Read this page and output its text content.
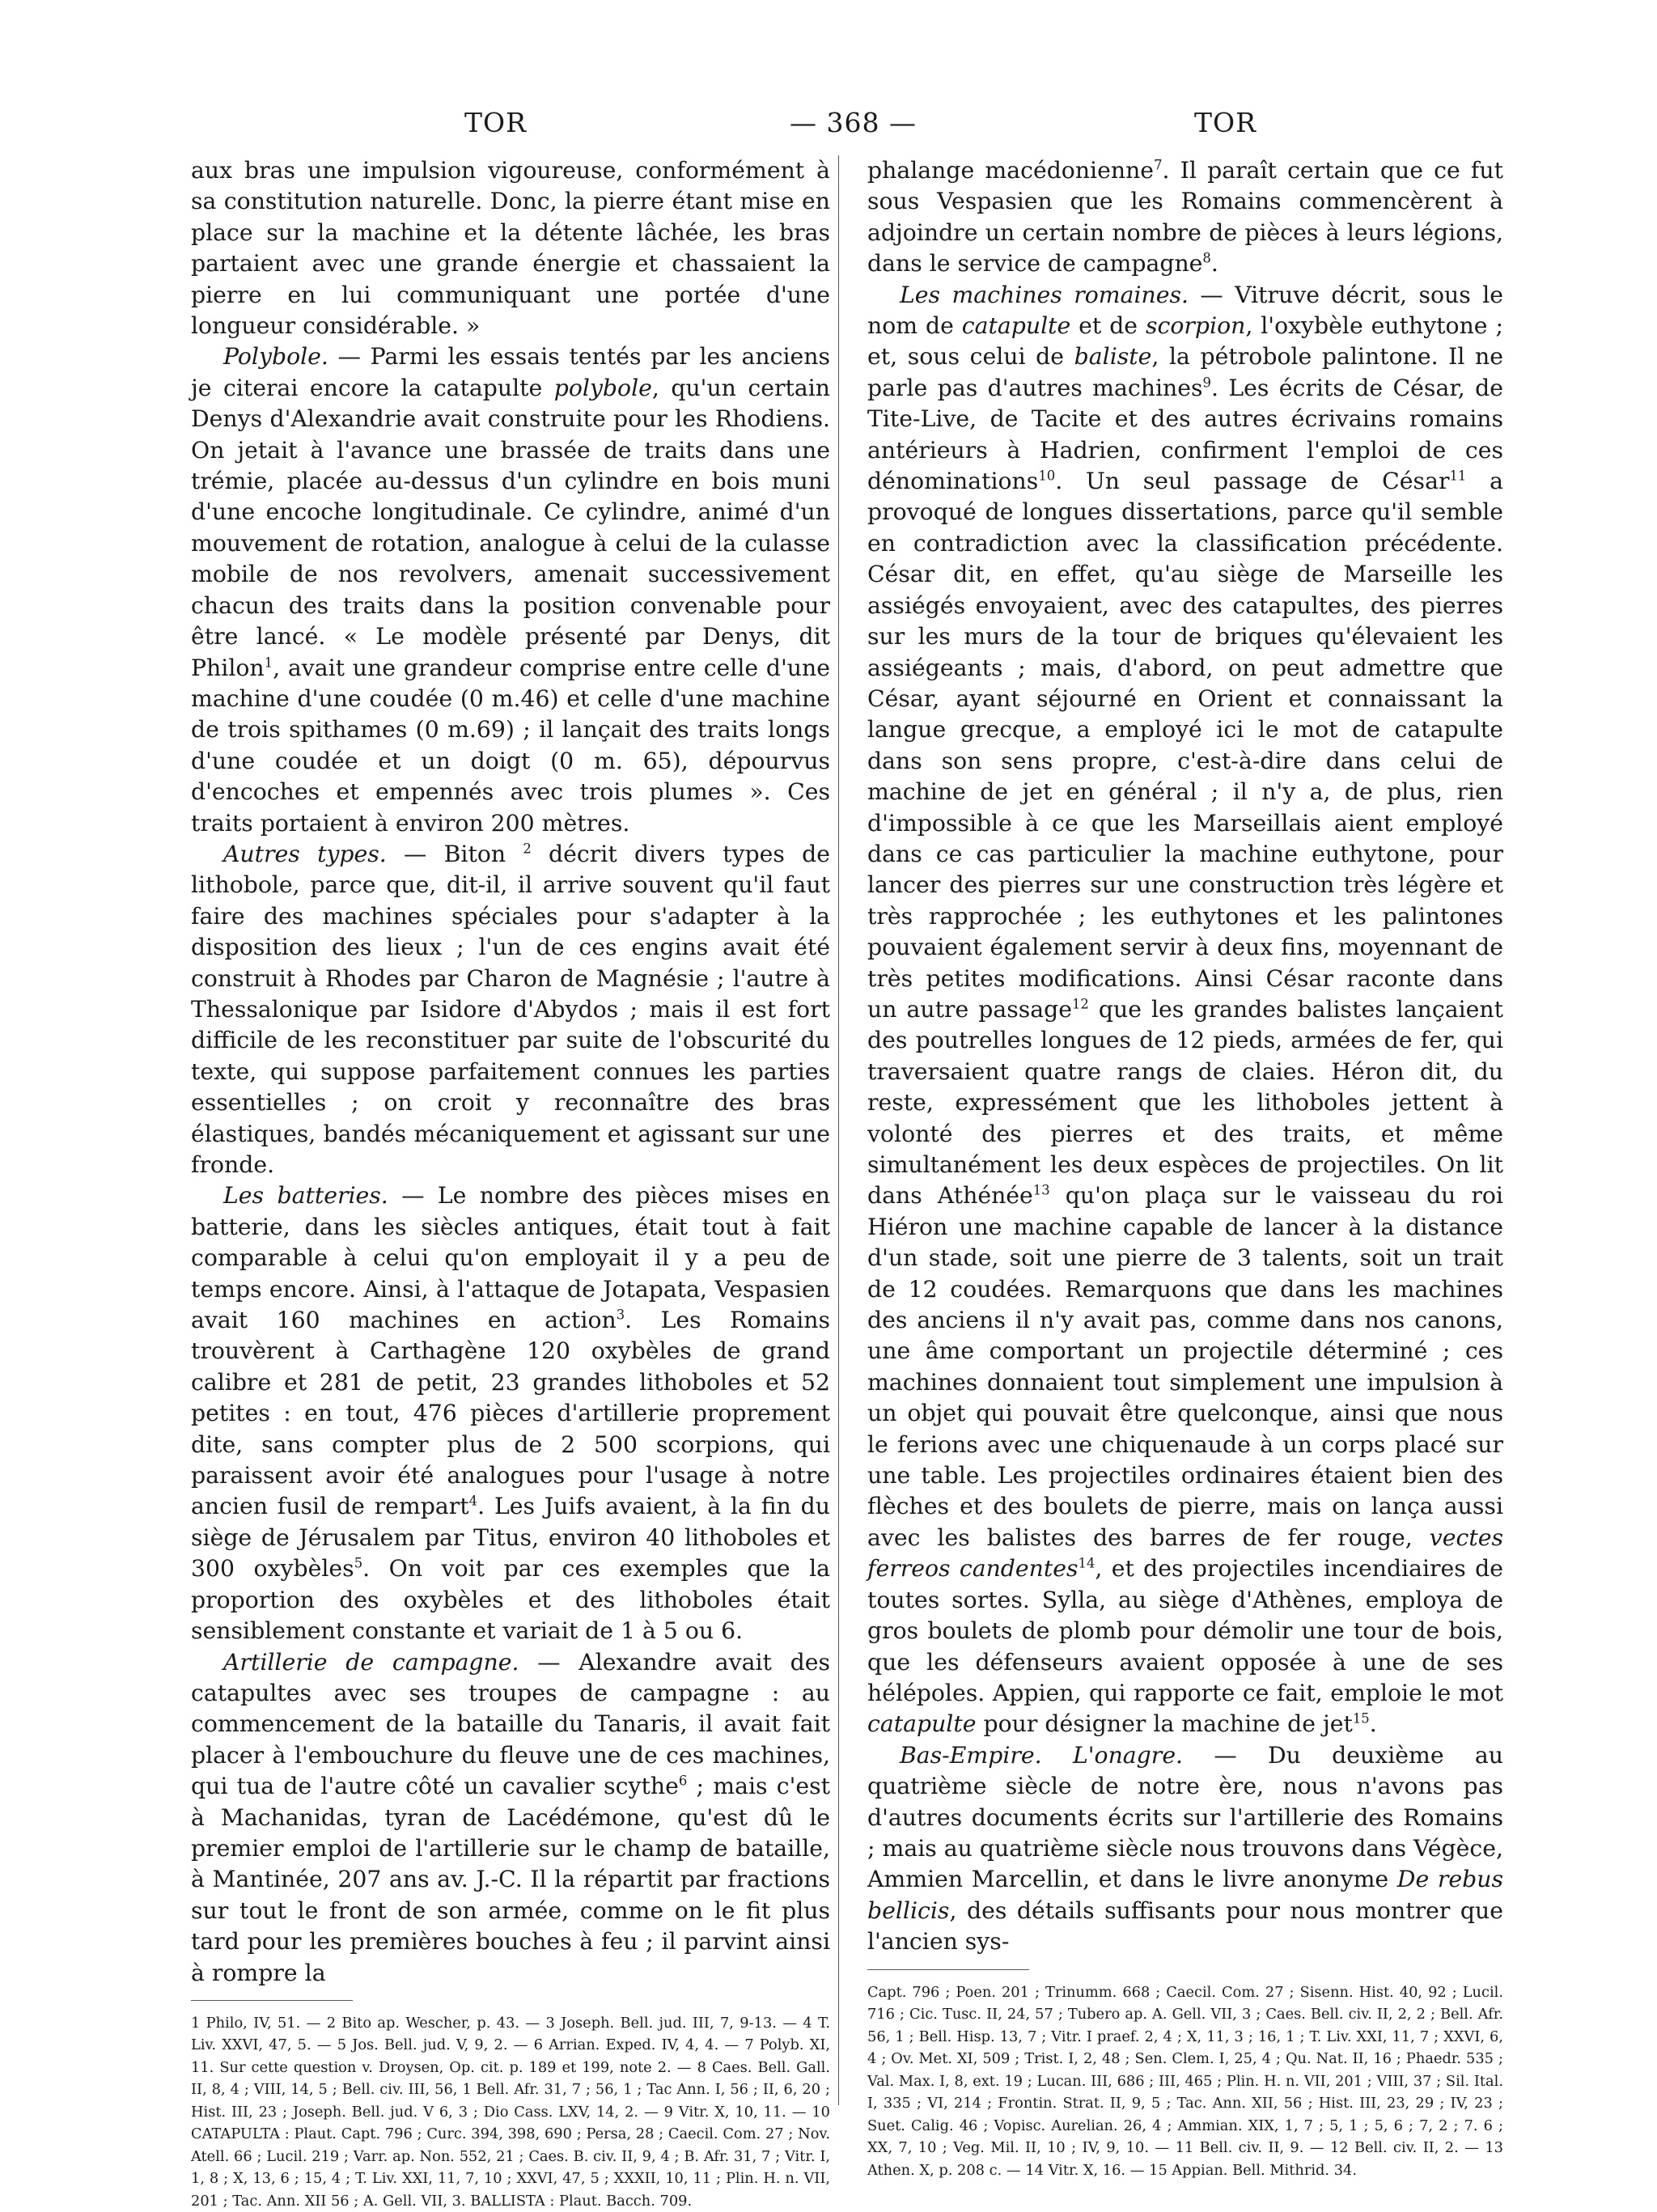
TOR	— 368 —	TOR

aux bras une impulsion vigoureuse, conformément à sa constitution naturelle. Donc, la pierre étant mise en place sur la machine et la détente lâchée, les bras partaient avec une grande énergie et chassaient la pierre en lui communiquant une portée d'une longueur considérable. »

Polybole. — Parmi les essais tentés par les anciens je citerai encore la catapulte polybole, qu'un certain Denys d'Alexandrie avait construite pour les Rhodiens. On jetait à l'avance une brassée de traits dans une trémie, placée au-dessus d'un cylindre en bois muni d'une encoche longitudinale. Ce cylindre, animé d'un mouvement de rotation, analogue à celui de la culasse mobile de nos revolvers, amenait successivement chacun des traits dans la position convenable pour être lancé. « Le modèle présenté par Denys, dit Philon$^1$, avait une grandeur comprise entre celle d'une machine d'une coudée (0 m.46) et celle d'une machine de trois spithames (0 m.69) ; il lançait des traits longs d'une coudée et un doigt (0 m. 65), dépourvus d'encoches et empennés avec trois plumes ». Ces traits portaient à environ 200 mètres.

Autres types. — Biton $^2$ décrit divers types de lithobole, parce que, dit-il, il arrive souvent qu'il faut faire des machines spéciales pour s'adapter à la disposition des lieux ; l'un de ces engins avait été construit à Rhodes par Charon de Magnésie ; l'autre à Thessalonique par Isidore d'Abydos ; mais il est fort difficile de les reconstituer par suite de l'obscurité du texte, qui suppose parfaitement connues les parties essentielles ; on croit y reconnaître des bras élastiques, bandés mécaniquement et agissant sur une fronde.

Les batteries. — Le nombre des pièces mises en batterie, dans les siècles antiques, était tout à fait comparable à celui qu'on employait il y a peu de temps encore. Ainsi, à l'attaque de Jotapata, Vespasien avait 160 machines en action$^3$. Les Romains trouvèrent à Carthagène 120 oxybèles de grand calibre et 281 de petit, 23 grandes lithoboles et 52 petites : en tout, 476 pièces d'artillerie proprement dite, sans compter plus de 2 500 scorpions, qui paraissent avoir été analogues pour l'usage à notre ancien fusil de rempart$^4$. Les Juifs avaient, à la fin du siège de Jérusalem par Titus, environ 40 lithoboles et 300 oxybèles$^5$. On voit par ces exemples que la proportion des oxybèles et des lithoboles était sensiblement constante et variait de 1 à 5 ou 6.

Artillerie de campagne. — Alexandre avait des catapultes avec ses troupes de campagne : au commencement de la bataille du Tanaris, il avait fait placer à l'embouchure du fleuve une de ces machines, qui tua de l'autre côté un cavalier scythe$^6$ ; mais c'est à Machanidas, tyran de Lacédémone, qu'est dû le premier emploi de l'artillerie sur le champ de bataille, à Mantinée, 207 ans av. J.-C. Il la répartit par fractions sur tout le front de son armée, comme on le fit plus tard pour les premières bouches à feu ; il parvint ainsi à rompre la

1 Philo, IV, 51. — 2 Bito ap. Wescher, p. 43. — 3 Joseph. Bell. jud. III, 7, 9-13. — 4 T. Liv. XXVI, 47, 5. — 5 Jos. Bell. jud. V, 9, 2. — 6 Arrian. Exped. IV, 4, 4. — 7 Polyb. XI, 11. Sur cette question v. Droysen, Op. cit. p. 189 et 199, note 2. — 8 Caes. Bell. Gall. II, 8, 4 ; VIII, 14, 5 ; Bell. civ. III, 56, 1 Bell. Afr. 31, 7 ; 56, 1 ; Tac Ann. I, 56 ; II, 6, 20 ; Hist. III, 23 ; Joseph. Bell. jud. V 6, 3 ; Dio Cass. LXV, 14, 2. — 9 Vitr. X, 10, 11. — 10 CATAPULTA : Plaut. Capt. 796 ; Curc. 394, 398, 690 ; Persa, 28 ; Caecil. Com. 27 ; Nov. Atell. 66 ; Lucil. 219 ; Varr. ap. Non. 552, 21 ; Caes. B. civ. II, 9, 4 ; B. Afr. 31, 7 ; Vitr. I, 1, 8 ; X, 13, 6 ; 15, 4 ; T. Liv. XXI, 11, 7, 10 ; XXVI, 47, 5 ; XXXII, 10, 11 ; Plin. H. n. VII, 201 ; Tac. Ann. XII 56 ; A. Gell. VII, 3. BALLISTA : Plaut. Bacch. 709.

phalange macédonienne$^7$. Il paraît certain que ce fut sous Vespasien que les Romains commencèrent à adjoindre un certain nombre de pièces à leurs légions, dans le service de campagne$^8$.

Les machines romaines. — Vitruve décrit, sous le nom de catapulte et de scorpion, l'oxybèle euthytone ; et, sous celui de baliste, la pétrobole palintone. Il ne parle pas d'autres machines$^9$. Les écrits de César, de Tite-Live, de Tacite et des autres écrivains romains antérieurs à Hadrien, confirment l'emploi de ces dénominations$^{10}$. Un seul passage de César$^{11}$ a provoqué de longues dissertations, parce qu'il semble en contradiction avec la classification précédente. César dit, en effet, qu'au siège de Marseille les assiégés envoyaient, avec des catapultes, des pierres sur les murs de la tour de briques qu'élevaient les assiégeants ; mais, d'abord, on peut admettre que César, ayant séjourné en Orient et connaissant la langue grecque, a employé ici le mot de catapulte dans son sens propre, c'est-à-dire dans celui de machine de jet en général ; il n'y a, de plus, rien d'impossible à ce que les Marseillais aient employé dans ce cas particulier la machine euthytone, pour lancer des pierres sur une construction très légère et très rapprochée ; les euthytones et les palintones pouvaient également servir à deux fins, moyennant de très petites modifications. Ainsi César raconte dans un autre passage$^{12}$ que les grandes balistes lançaient des poutrelles longues de 12 pieds, armées de fer, qui traversaient quatre rangs de claies. Héron dit, du reste, expressément que les lithoboles jettent à volonté des pierres et des traits, et même simultanément les deux espèces de projectiles. On lit dans Athénée$^{13}$ qu'on plaça sur le vaisseau du roi Hiéron une machine capable de lancer à la distance d'un stade, soit une pierre de 3 talents, soit un trait de 12 coudées. Remarquons que dans les machines des anciens il n'y avait pas, comme dans nos canons, une âme comportant un projectile déterminé ; ces machines donnaient tout simplement une impulsion à un objet qui pouvait être quelconque, ainsi que nous le ferions avec une chiquenaude à un corps placé sur une table. Les projectiles ordinaires étaient bien des flèches et des boulets de pierre, mais on lança aussi avec les balistes des barres de fer rouge, vectes ferreos candentes$^{14}$, et des projectiles incendiaires de toutes sortes. Sylla, au siège d'Athènes, employa de gros boulets de plomb pour démolir une tour de bois, que les défenseurs avaient opposée à une de ses hélépoles. Appien, qui rapporte ce fait, emploie le mot catapulte pour désigner la machine de jet$^{15}$.

Bas-Empire. L'onagre. — Du deuxième au quatrième siècle de notre ère, nous n'avons pas d'autres documents écrits sur l'artillerie des Romains ; mais au quatrième siècle nous trouvons dans Végèce, Ammien Marcellin, et dans le livre anonyme De rebus bellicis, des détails suffisants pour nous montrer que l'ancien sys-

Capt. 796 ; Poen. 201 ; Trinumm. 668 ; Caecil. Com. 27 ; Sisenn. Hist. 40, 92 ; Lucil. 716 ; Cic. Tusc. II, 24, 57 ; Tubero ap. A. Gell. VII, 3 ; Caes. Bell. civ. II, 2, 2 ; Bell. Afr. 56, 1 ; Bell. Hisp. 13, 7 ; Vitr. I praef. 2, 4 ; X, 11, 3 ; 16, 1 ; T. Liv. XXI, 11, 7 ; XXVI, 6, 4 ; Ov. Met. XI, 509 ; Trist. I, 2, 48 ; Sen. Clem. I, 25, 4 ; Qu. Nat. II, 16 ; Phaedr. 535 ; Val. Max. I, 8, ext. 19 ; Lucan. III, 686 ; III, 465 ; Plin. H. n. VII, 201 ; VIII, 37 ; Sil. Ital. I, 335 ; VI, 214 ; Frontin. Strat. II, 9, 5 ; Tac. Ann. XII, 56 ; Hist. III, 23, 29 ; IV, 23 ; Suet. Calig. 46 ; Vopisc. Aurelian. 26, 4 ; Ammian. XIX, 1, 7 ; 5, 1 ; 5, 6 ; 7, 2 ; 7. 6 ; XX, 7, 10 ; Veg. Mil. II, 10 ; IV, 9, 10. — 11 Bell. civ. II, 9. — 12 Bell. civ. II, 2. — 13 Athen. X, p. 208 c. — 14 Vitr. X, 16. — 15 Appian. Bell. Mithrid. 34.
